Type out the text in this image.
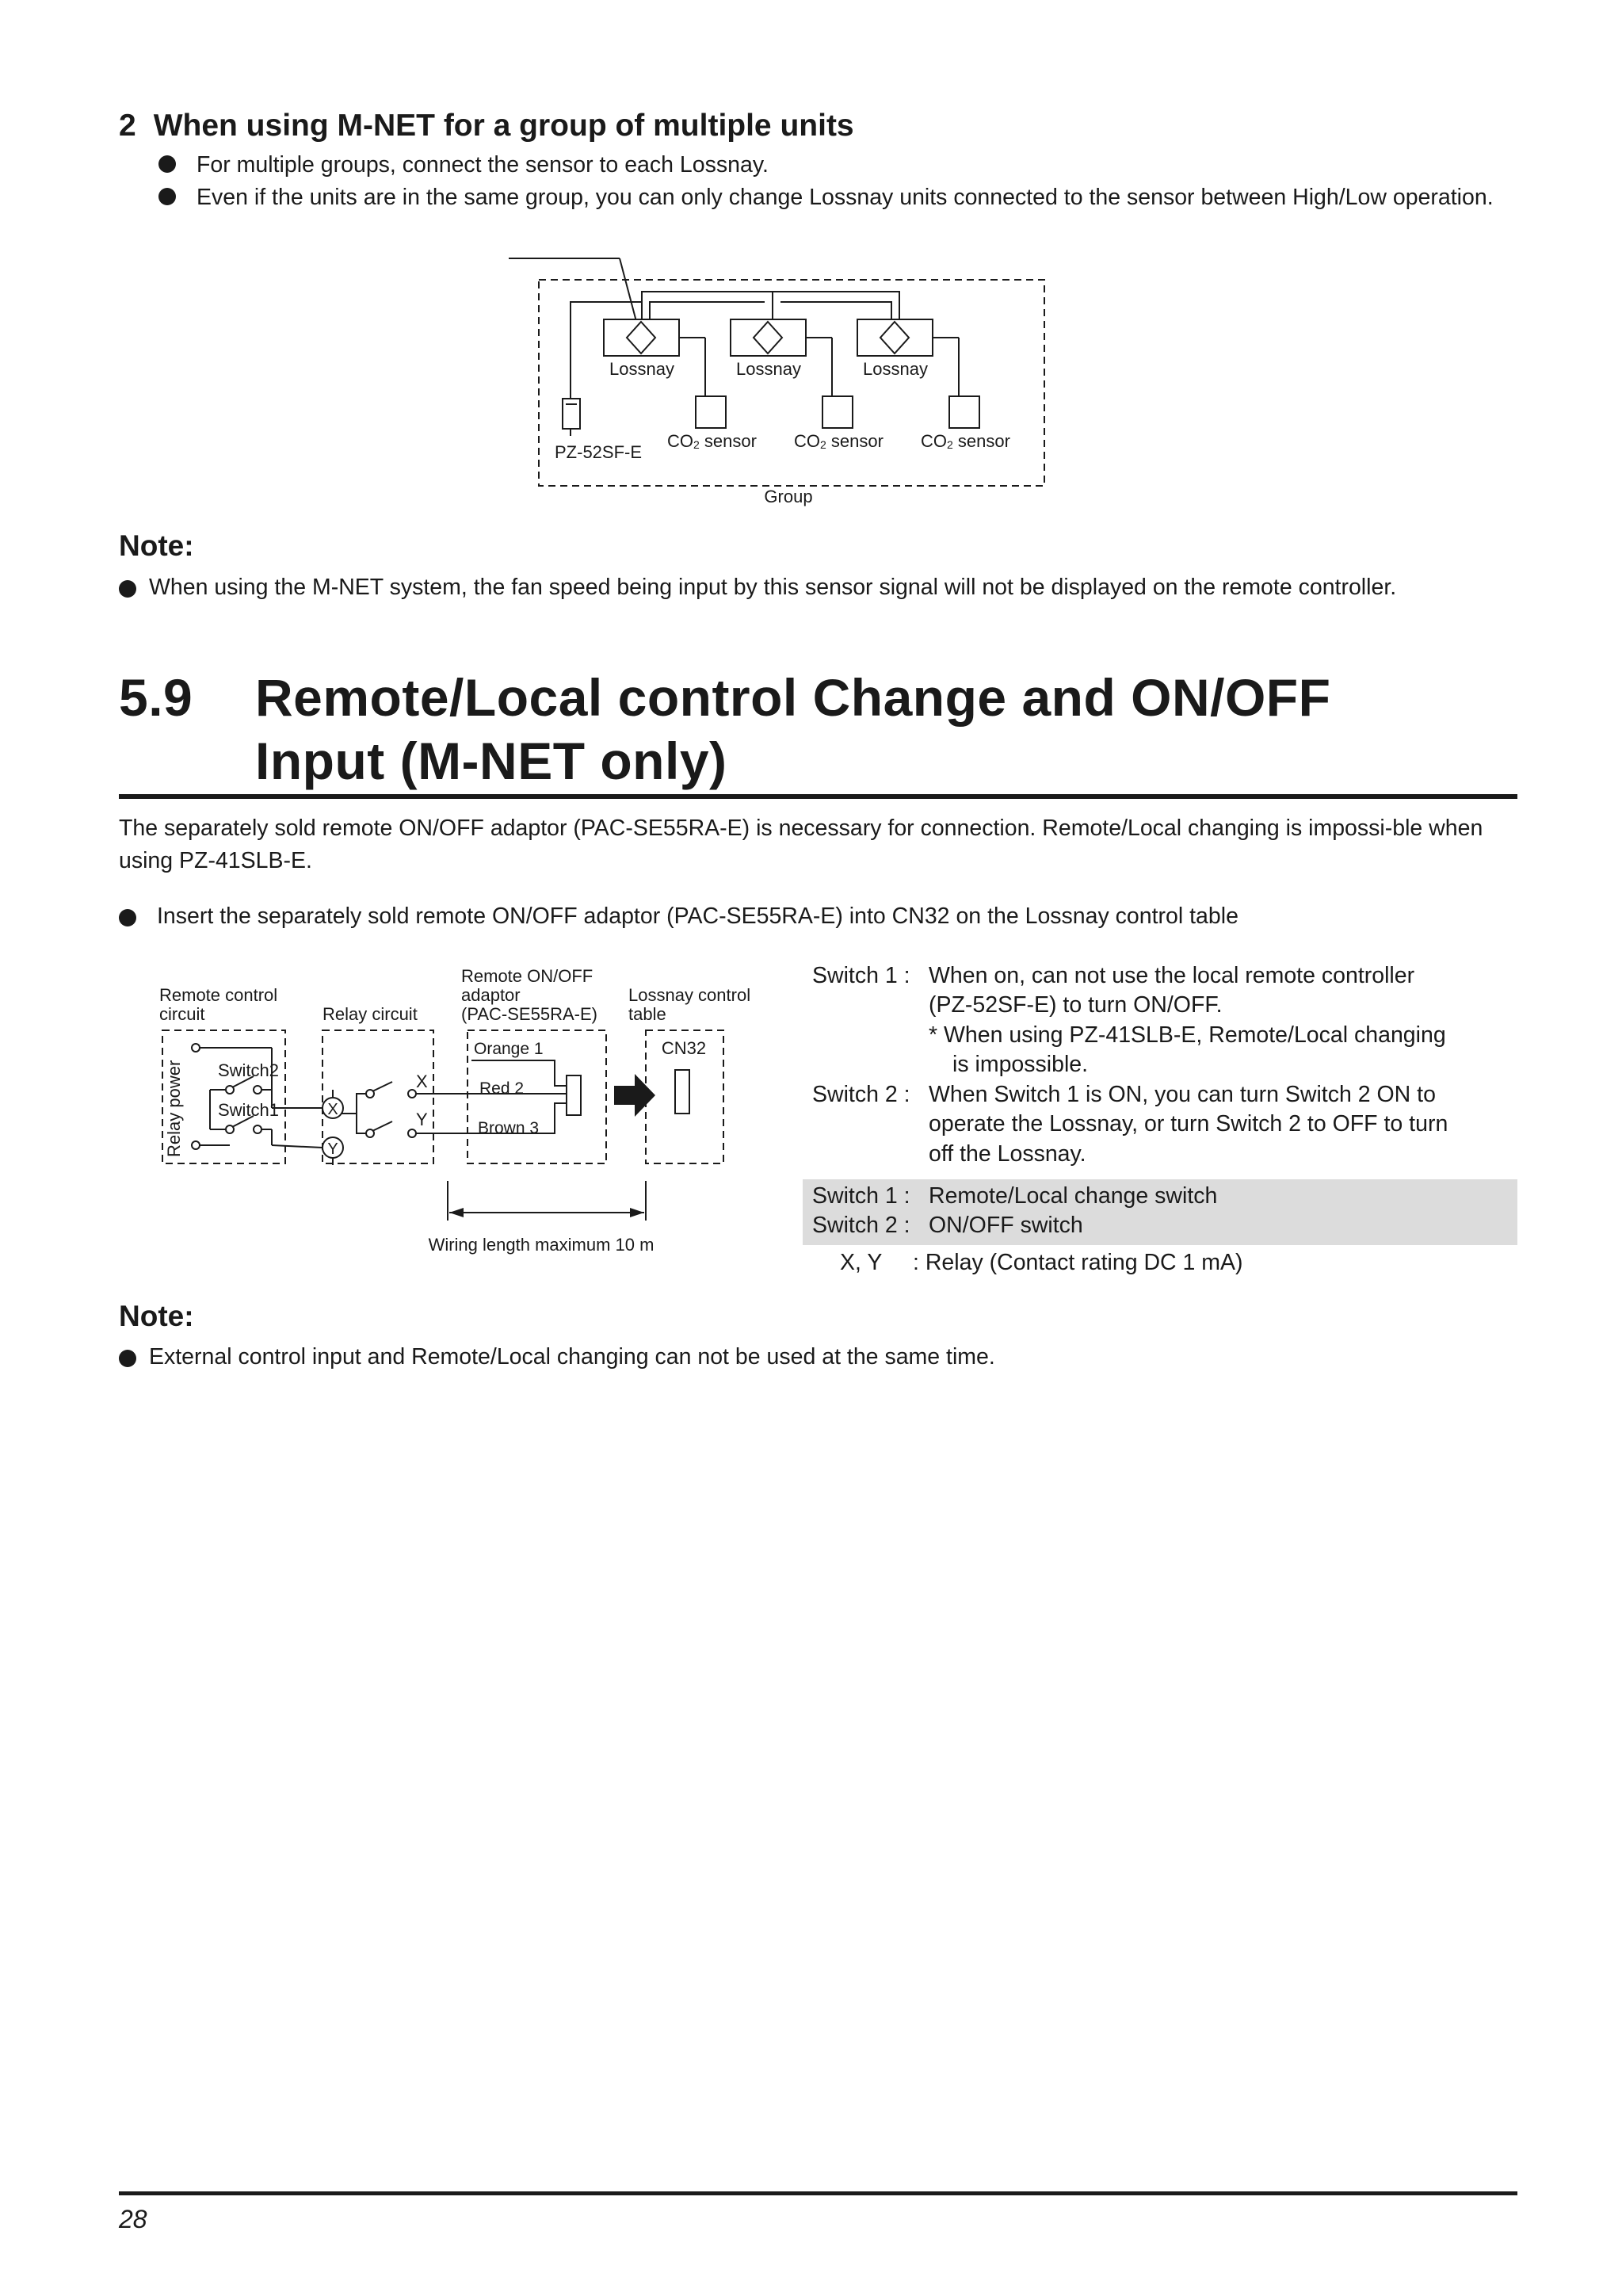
2 When using M-NET for a group of multiple units
For multiple groups, connect the sensor to each Lossnay.
Even if the units are in the same group, you can only change Lossnay units connected to the sensor between High/Low operation.
Lossnay	Lossnay	Lossnay
CO2 sensor CO2 sensor CO2 sensor
PZ-52SF-E
Group
Note:
When using the M-NET system, the fan speed being input by this sensor signal will not be displayed on the remote controller.
5.9 Remote/Local control Change and ON/OFF
Input (M-NET only)
The separately sold remote ON/OFF adaptor (PAC-SE55RA-E) is necessary for connection. Remote/Local changing is impossi-ble when using PZ-41SLB-E.
Insert the separately sold remote ON/OFF adaptor (PAC-SE55RA-E) into CN32 on the Lossnay control table
Remote control
circuit	Relay circuit
Remote ON/OFF
adaptor
(PAC-SE55RA-E)
Lossnay control
table
Relay power Switch2
Switch1	X
Y
X
Y
Orange 1
Red 2
Brown 3
CN32
Wiring length maximum 10 m
Switch 1 : When on, can not use the local remote controller
(PZ-52SF-E) to turn ON/OFF.
* When using PZ-41SLB-E, Remote/Local changing
is impossible.
Switch 2 : When Switch 1 is ON, you can turn Switch 2 ON to
operate the Lossnay, or turn Switch 2 to OFF to turn
off the Lossnay.
Switch 1 : Remote/Local change switch
Switch 2 : ON/OFF switch
X, Y : Relay (Contact rating DC 1 mA)
Note:
External control input and Remote/Local changing can not be used at the same time.
28
